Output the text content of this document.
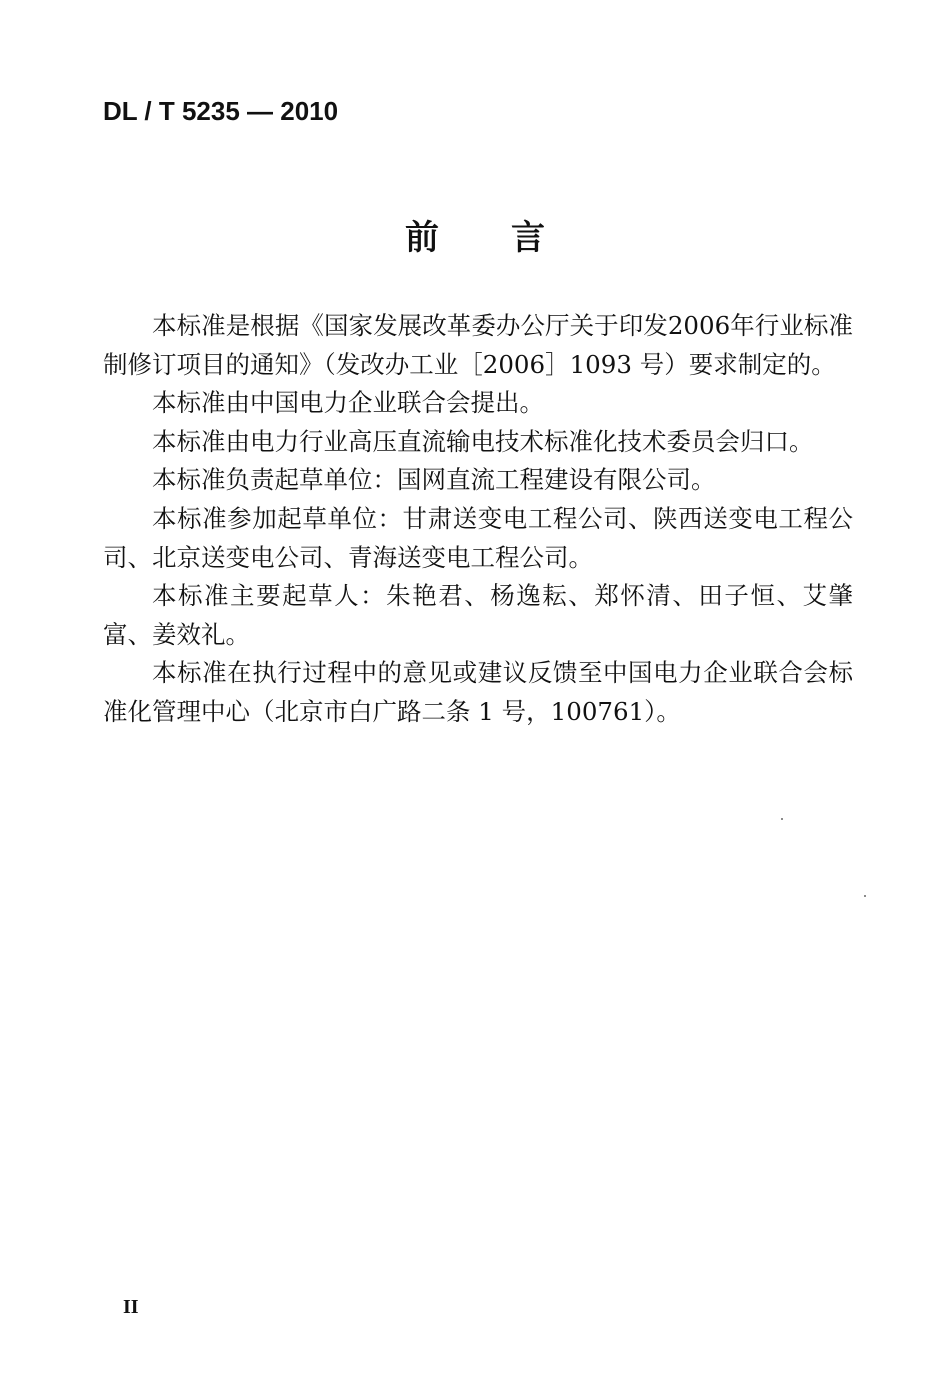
DL / T 5235 — 2010
前言

本标准是根据《国家发展改革委办公厅关于印发2006年行业标准制修订项目的通知》（发改办工业［2006］1093 号）要求制定的。

本标准由中国电力企业联合会提出。

本标准由电力行业高压直流输电技术标准化技术委员会归口。

本标准负责起草单位：国网直流工程建设有限公司。

本标准参加起草单位：甘肃送变电工程公司、陕西送变电工程公司、北京送变电公司、青海送变电工程公司。

本标准主要起草人：朱艳君、杨逸耘、郑怀清、田子恒、艾肇富、姜效礼。

本标准在执行过程中的意见或建议反馈至中国电力企业联合会标准化管理中心（北京市白广路二条 1 号，100761）。

II
